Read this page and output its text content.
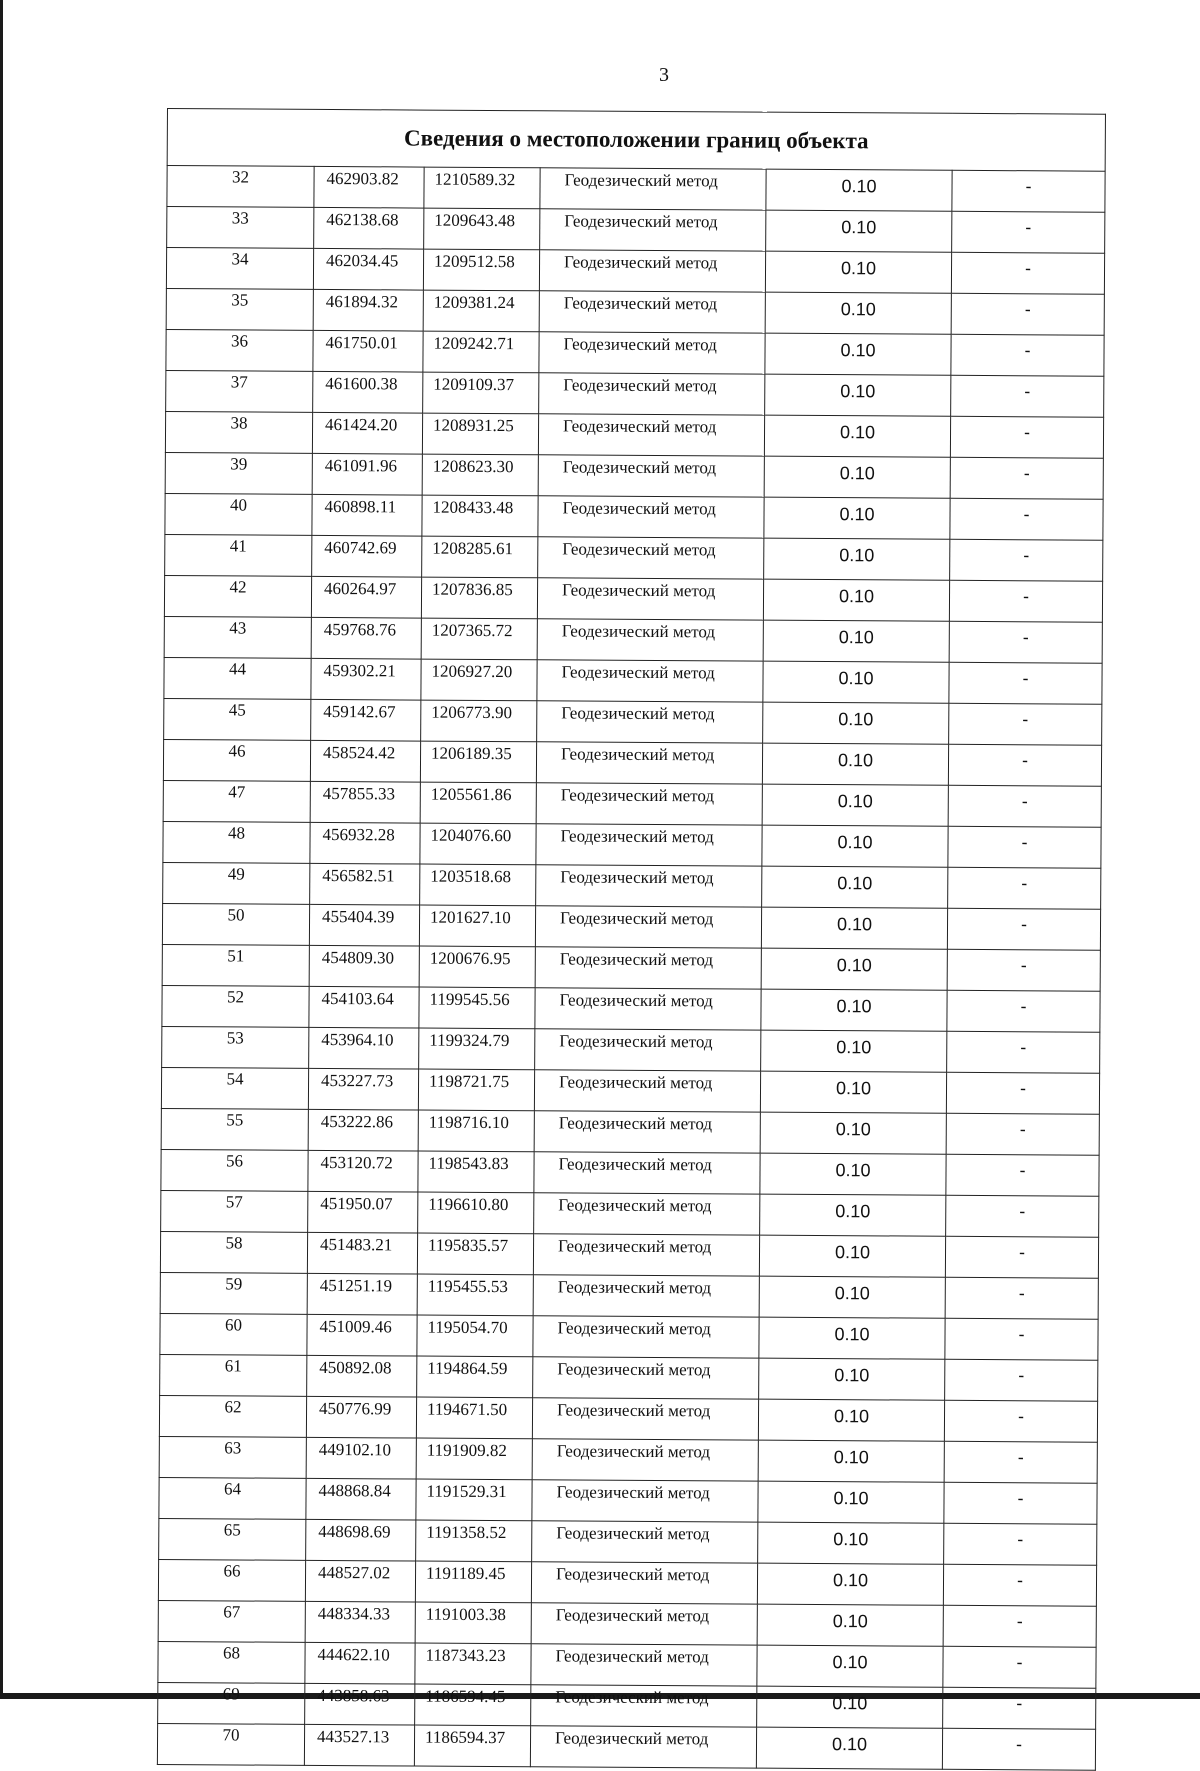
3
Сведения о местоположении границ объекта					
32	462903.82	1210589.32	Геодезический метод	0.10	-
33	462138.68	1209643.48	Геодезический метод	0.10	-
34	462034.45	1209512.58	Геодезический метод	0.10	-
35	461894.32	1209381.24	Геодезический метод	0.10	-
36	461750.01	1209242.71	Геодезический метод	0.10	-
37	461600.38	1209109.37	Геодезический метод	0.10	-
38	461424.20	1208931.25	Геодезический метод	0.10	-
39	461091.96	1208623.30	Геодезический метод	0.10	-
40	460898.11	1208433.48	Геодезический метод	0.10	-
41	460742.69	1208285.61	Геодезический метод	0.10	-
42	460264.97	1207836.85	Геодезический метод	0.10	-
43	459768.76	1207365.72	Геодезический метод	0.10	-
44	459302.21	1206927.20	Геодезический метод	0.10	-
45	459142.67	1206773.90	Геодезический метод	0.10	-
46	458524.42	1206189.35	Геодезический метод	0.10	-
47	457855.33	1205561.86	Геодезический метод	0.10	-
48	456932.28	1204076.60	Геодезический метод	0.10	-
49	456582.51	1203518.68	Геодезический метод	0.10	-
50	455404.39	1201627.10	Геодезический метод	0.10	-
51	454809.30	1200676.95	Геодезический метод	0.10	-
52	454103.64	1199545.56	Геодезический метод	0.10	-
53	453964.10	1199324.79	Геодезический метод	0.10	-
54	453227.73	1198721.75	Геодезический метод	0.10	-
55	453222.86	1198716.10	Геодезический метод	0.10	-
56	453120.72	1198543.83	Геодезический метод	0.10	-
57	451950.07	1196610.80	Геодезический метод	0.10	-
58	451483.21	1195835.57	Геодезический метод	0.10	-
59	451251.19	1195455.53	Геодезический метод	0.10	-
60	451009.46	1195054.70	Геодезический метод	0.10	-
61	450892.08	1194864.59	Геодезический метод	0.10	-
62	450776.99	1194671.50	Геодезический метод	0.10	-
63	449102.10	1191909.82	Геодезический метод	0.10	-
64	448868.84	1191529.31	Геодезический метод	0.10	-
65	448698.69	1191358.52	Геодезический метод	0.10	-
66	448527.02	1191189.45	Геодезический метод	0.10	-
67	448334.33	1191003.38	Геодезический метод	0.10	-
68	444622.10	1187343.23	Геодезический метод	0.10	-
69	443858.63	1186594.45	Геодезический метод	0.10	-
70	443527.13	1186594.37	Геодезический метод	0.10	-
